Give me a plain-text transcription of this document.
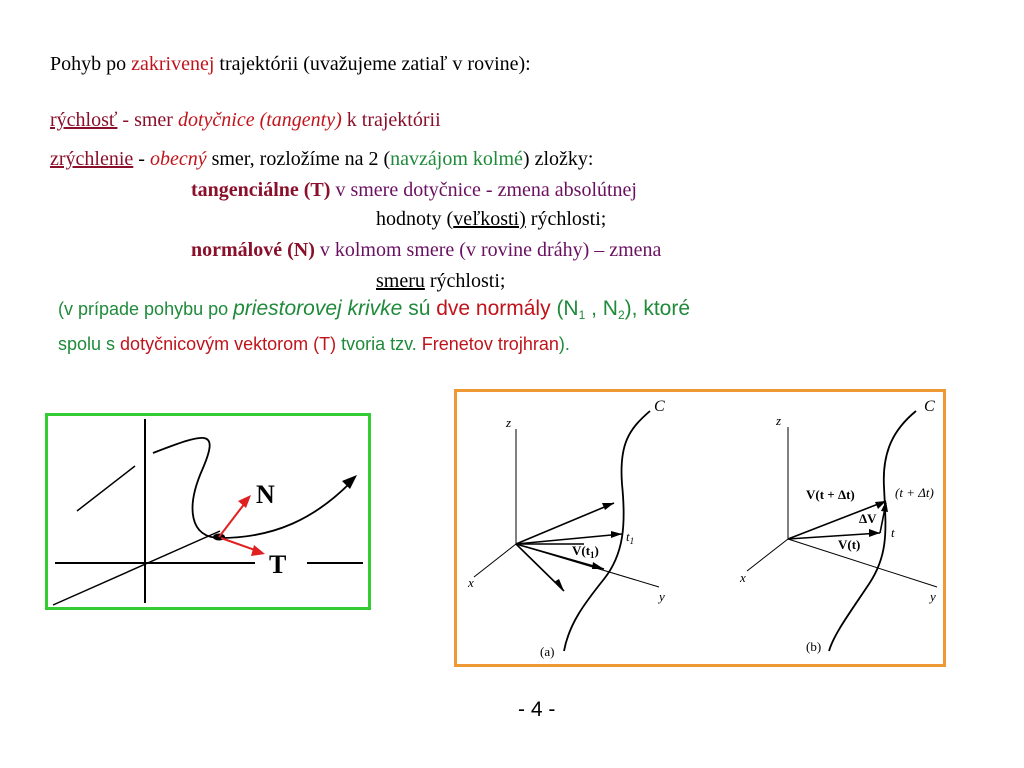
Pohyb po zakrivenej trajektórii (uvažujeme zatiaľ v rovine):
rýchlosť - smer dotyčnice (tangenty) k trajektórii
zrýchlenie - obecný smer, rozložíme na 2 (navzájom kolmé) zložky:
tangenciálne (T) v smere dotyčnice - zmena absolútnej
hodnoty (veľkosti) rýchlosti;
normálové (N) v kolmom smere (v rovine dráhy) – zmena
smeru rýchlosti;
(v prípade pohybu po priestorovej krivke sú dve normály ($N_1$ , $N_2$), ktoré
spolu s dotyčnicovým vektorom (T) tvoria tzv. Frenetov trojhran).
N
T
z
y
x
C
$V(t_1)$
$t_1$
(a)
z
y
x
C
V(t + Δt)	(t + Δt)
ΔV
V(t)
t
(b)
- 4 -
